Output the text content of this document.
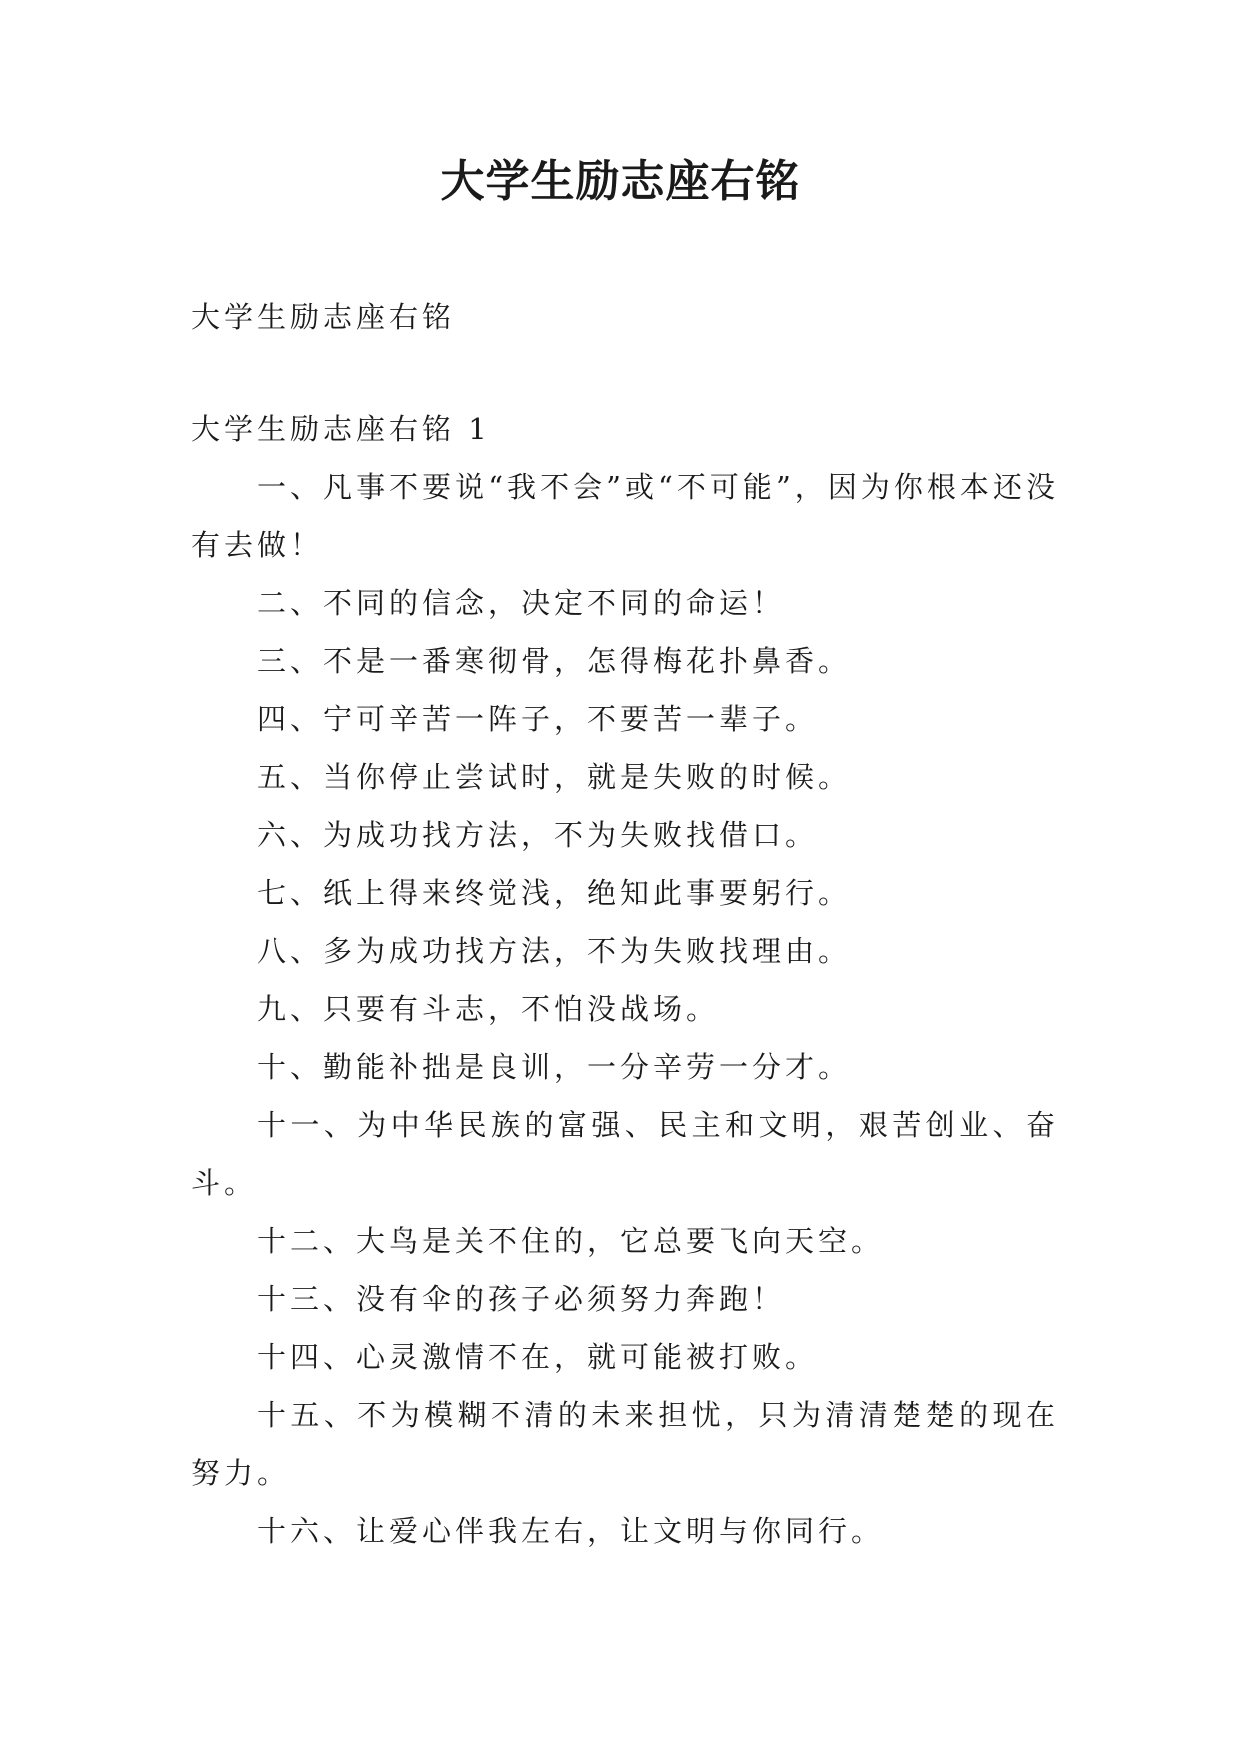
大学生励志座右铭

大学生励志座右铭

大学生励志座右铭 1

一、凡事不要说“我不会”或“不可能”，因为你根本还没有去做！
二、不同的信念，决定不同的命运！
三、不是一番寒彻骨，怎得梅花扑鼻香。
四、宁可辛苦一阵子，不要苦一辈子。
五、当你停止尝试时，就是失败的时候。
六、为成功找方法，不为失败找借口。
七、纸上得来终觉浅，绝知此事要躬行。
八、多为成功找方法，不为失败找理由。
九、只要有斗志，不怕没战场。
十、勤能补拙是良训，一分辛劳一分才。
十一、为中华民族的富强、民主和文明，艰苦创业、奋斗。
十二、大鸟是关不住的，它总要飞向天空。
十三、没有伞的孩子必须努力奔跑！
十四、心灵激情不在，就可能被打败。
十五、不为模糊不清的未来担忧，只为清清楚楚的现在努力。
十六、让爱心伴我左右，让文明与你同行。
